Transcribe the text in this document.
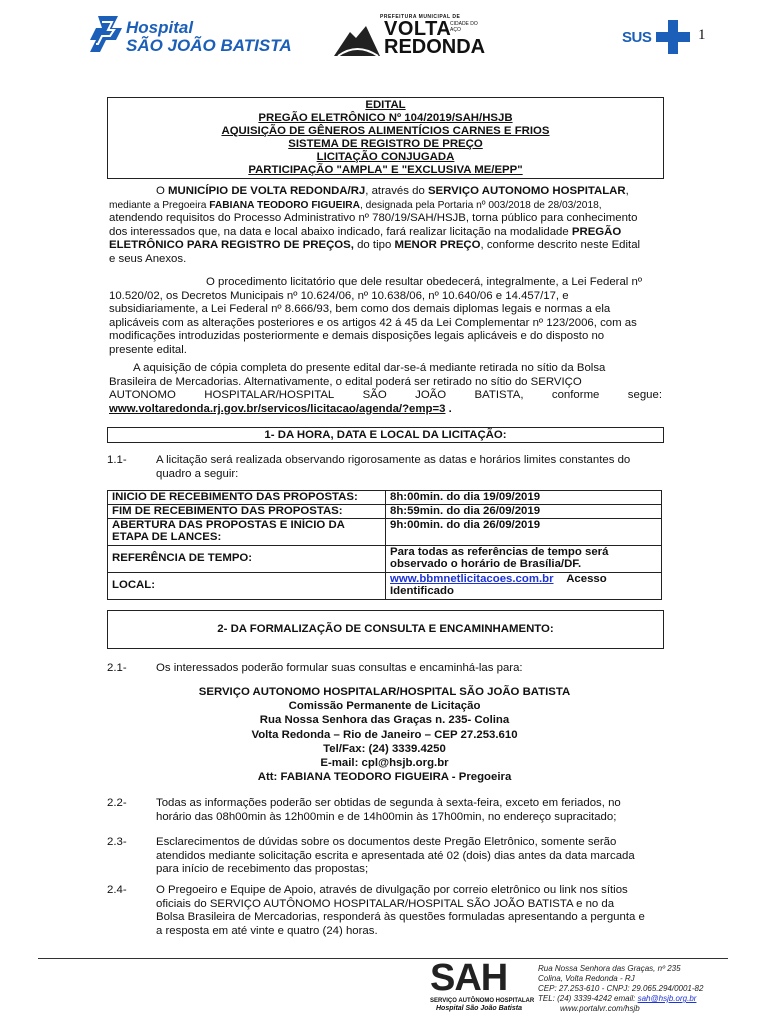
Hospital
SÃO JOÃO BATISTA
PREFEITURA MUNICIPAL DE
VOLTA
REDONDA
CIDADE DO AÇO	SUS	1
EDITAL
PREGÃO ELETRÔNICO Nº 104/2019/SAH/HSJB
AQUISIÇÃO DE GÊNEROS ALIMENTÍCIOS CARNES E FRIOS
SISTEMA DE REGISTRO DE PREÇO
LICITAÇÃO CONJUGADA
PARTICIPAÇÃO "AMPLA" E "EXCLUSIVA ME/EPP"
O MUNICÍPIO DE VOLTA REDONDA/RJ, através do SERVIÇO AUTONOMO HOSPITALAR,
mediante a Pregoeira FABIANA TEODORO FIGUEIRA, designada pela Portaria nº 003/2018 de 28/03/2018,
atendendo requisitos do Processo Administrativo nº 780/19/SAH/HSJB, torna público para conhecimento
dos interessados que, na data e local abaixo indicado, fará realizar licitação na modalidade PREGÃO
ELETRÔNICO PARA REGISTRO DE PREÇOS, do tipo MENOR PREÇO, conforme descrito neste Edital
e seus Anexos.
O procedimento licitatório que dele resultar obedecerá, integralmente, a Lei Federal nº
10.520/02, os Decretos Municipais nº 10.624/06, nº 10.638/06, nº 10.640/06 e 14.457/17, e
subsidiariamente, a Lei Federal nº 8.666/93, bem como dos demais diplomas legais e normas a ela
aplicáveis com as alterações posteriores e os artigos 42 á 45 da Lei Complementar nº 123/2006, com as
modificações introduzidas posteriormente e demais disposições legais aplicáveis e do disposto no
presente edital.
A aquisição de cópia completa do presente edital dar-se-á mediante retirada no sítio da Bolsa
Brasileira de Mercadorias. Alternativamente, o edital poderá ser retirado no sítio do SERVIÇO
AUTONOMO HOSPITALAR/HOSPITAL SÃO JOÃO BATISTA, conforme segue:
www.voltaredonda.rj.gov.br/servicos/licitacao/agenda/?emp=3 .
1- DA HORA, DATA E LOCAL DA LICITAÇÃO:
1.1-	A licitação será realizada observando rigorosamente as datas e horários limites constantes do
quadro a seguir:
INICIO DE RECEBIMENTO DAS PROPOSTAS:	8h:00min. do dia 19/09/2019
FIM DE RECEBIMENTO DAS PROPOSTAS:	8h:59min. do dia 26/09/2019

ABERTURA DAS PROPOSTAS E INÍCIO DA
ETAPA DE LANCES:	9h:00min. do dia 26/09/2019
REFERÊNCIA DE TEMPO:	Para todas as referências de tempo será
observado o horário de Brasília/DF.

LOCAL:	www.bbmnetlicitacoes.com.br Acesso
Identificado
2- DA FORMALIZAÇÃO DE CONSULTA E ENCAMINHAMENTO:
2.1-	Os interessados poderão formular suas consultas e encaminhá-las para:
SERVIÇO AUTONOMO HOSPITALAR/HOSPITAL SÃO JOÃO BATISTA
Comissão Permanente de Licitação
Rua Nossa Senhora das Graças n. 235- Colina
Volta Redonda – Rio de Janeiro – CEP 27.253.610
Tel/Fax: (24) 3339.4250
E-mail: cpl@hsjb.org.br
Att: FABIANA TEODORO FIGUEIRA - Pregoeira
2.2-	Todas as informações poderão ser obtidas de segunda à sexta-feira, exceto em feriados, no
horário das 08h00min às 12h00min e de 14h00min às 17h00min, no endereço supracitado;
2.3-	Esclarecimentos de dúvidas sobre os documentos deste Pregão Eletrônico, somente serão
atendidos mediante solicitação escrita e apresentada até 02 (dois) dias antes da data marcada
para início de recebimento das propostas;
2.4-	O Pregoeiro e Equipe de Apoio, através de divulgação por correio eletrônico ou link nos sítios
oficiais do SERVIÇO AUTÔNOMO HOSPITALAR/HOSPITAL SÃO JOÃO BATISTA e no da
Bolsa Brasileira de Mercadorias, responderá às questões formuladas apresentando a pergunta e
a resposta em até vinte e quatro (24) horas.
SAH
SERVIÇO AUTÔNOMO HOSPITALAR
Hospital São João Batista
Rua Nossa Senhora das Graças, nº 235
Colina, Volta Redonda - RJ
CEP: 27.253-610 - CNPJ: 29.065.294/0001-82
TEL: (24) 3339-4242 email: sah@hsjb.org.br
www.portalvr.com/hsjb
